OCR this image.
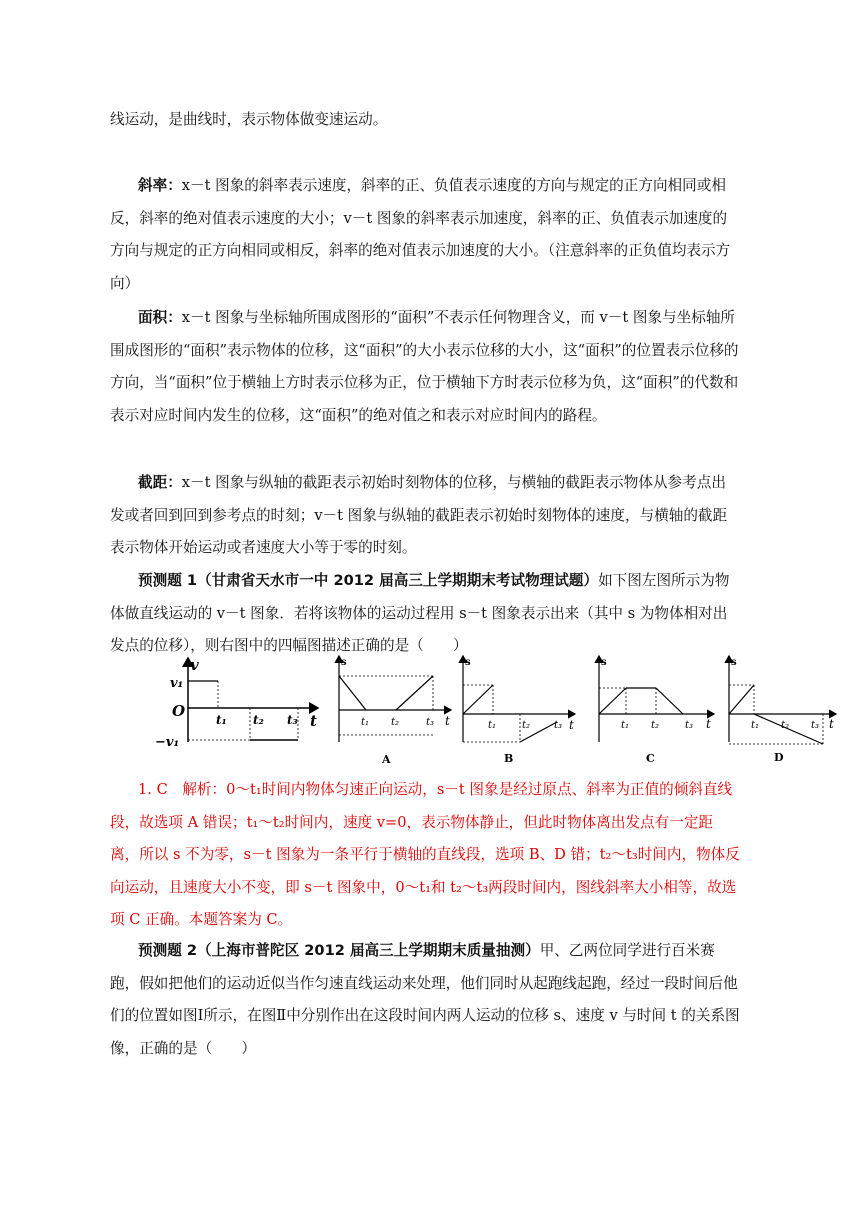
线运动，是曲线时，表示物体做变速运动。

斜率：x－t 图象的斜率表示速度，斜率的正、负值表示速度的方向与规定的正方向相同或相反，斜率的绝对值表示速度的大小；v－t 图象的斜率表示加速度，斜率的正、负值表示加速度的方向与规定的正方向相同或相反，斜率的绝对值表示加速度的大小。（注意斜率的正负值均表示方向）

面积：x－t 图象与坐标轴所围成图形的“面积”不表示任何物理含义，而 v－t 图象与坐标轴所围成图形的“面积”表示物体的位移，这“面积”的大小表示位移的大小，这“面积”的位置表示位移的方向，当“面积”位于横轴上方时表示位移为正，位于横轴下方时表示位移为负，这“面积”的代数和表示对应时间内发生的位移，这“面积”的绝对值之和表示对应时间内的路程。

截距：x－t 图象与纵轴的截距表示初始时刻物体的位移，与横轴的截距表示物体从参考点出发或者回到回到参考点的时刻；v－t 图象与纵轴的截距表示初始时刻物体的速度，与横轴的截距表示物体开始运动或者速度大小等于零的时刻。

预测题 1（甘肃省天水市一中 2012 届高三上学期期末考试物理试题）如下图左图所示为物体做直线运动的 v－t 图象．若将该物体的运动过程用 s－t 图象表示出来（其中 s 为物体相对出发点的位移），则右图中的四幅图描述正确的是（　　）

v
t
O
v₁
−v₁
t₁ t₂ t₃
s
t
t₁ t₂	t₃
A
s
t
t₁	t₂ t₃
B
s
t
t₁ t₂	t₃
C
s
t
t₁ t₂ t₃
D

1. C　解析：0～t₁时间内物体匀速正向运动，s－t 图象是经过原点、斜率为正值的倾斜直线段，故选项 A 错误；t₁～t₂时间内，速度 v=0，表示物体静止，但此时物体离出发点有一定距离，所以 s 不为零，s－t 图象为一条平行于横轴的直线段，选项 B、D 错；t₂～t₃时间内，物体反向运动，且速度大小不变，即 s－t 图象中，0～t₁和 t₂～t₃两段时间内，图线斜率大小相等，故选项 C 正确。本题答案为 C。

预测题 2（上海市普陀区 2012 届高三上学期期末质量抽测）甲、乙两位同学进行百米赛跑，假如把他们的运动近似当作匀速直线运动来处理，他们同时从起跑线起跑，经过一段时间后他们的位置如图Ⅰ所示，在图Ⅱ中分别作出在这段时间内两人运动的位移 s、速度 v 与时间 t 的关系图像，正确的是（　　）
